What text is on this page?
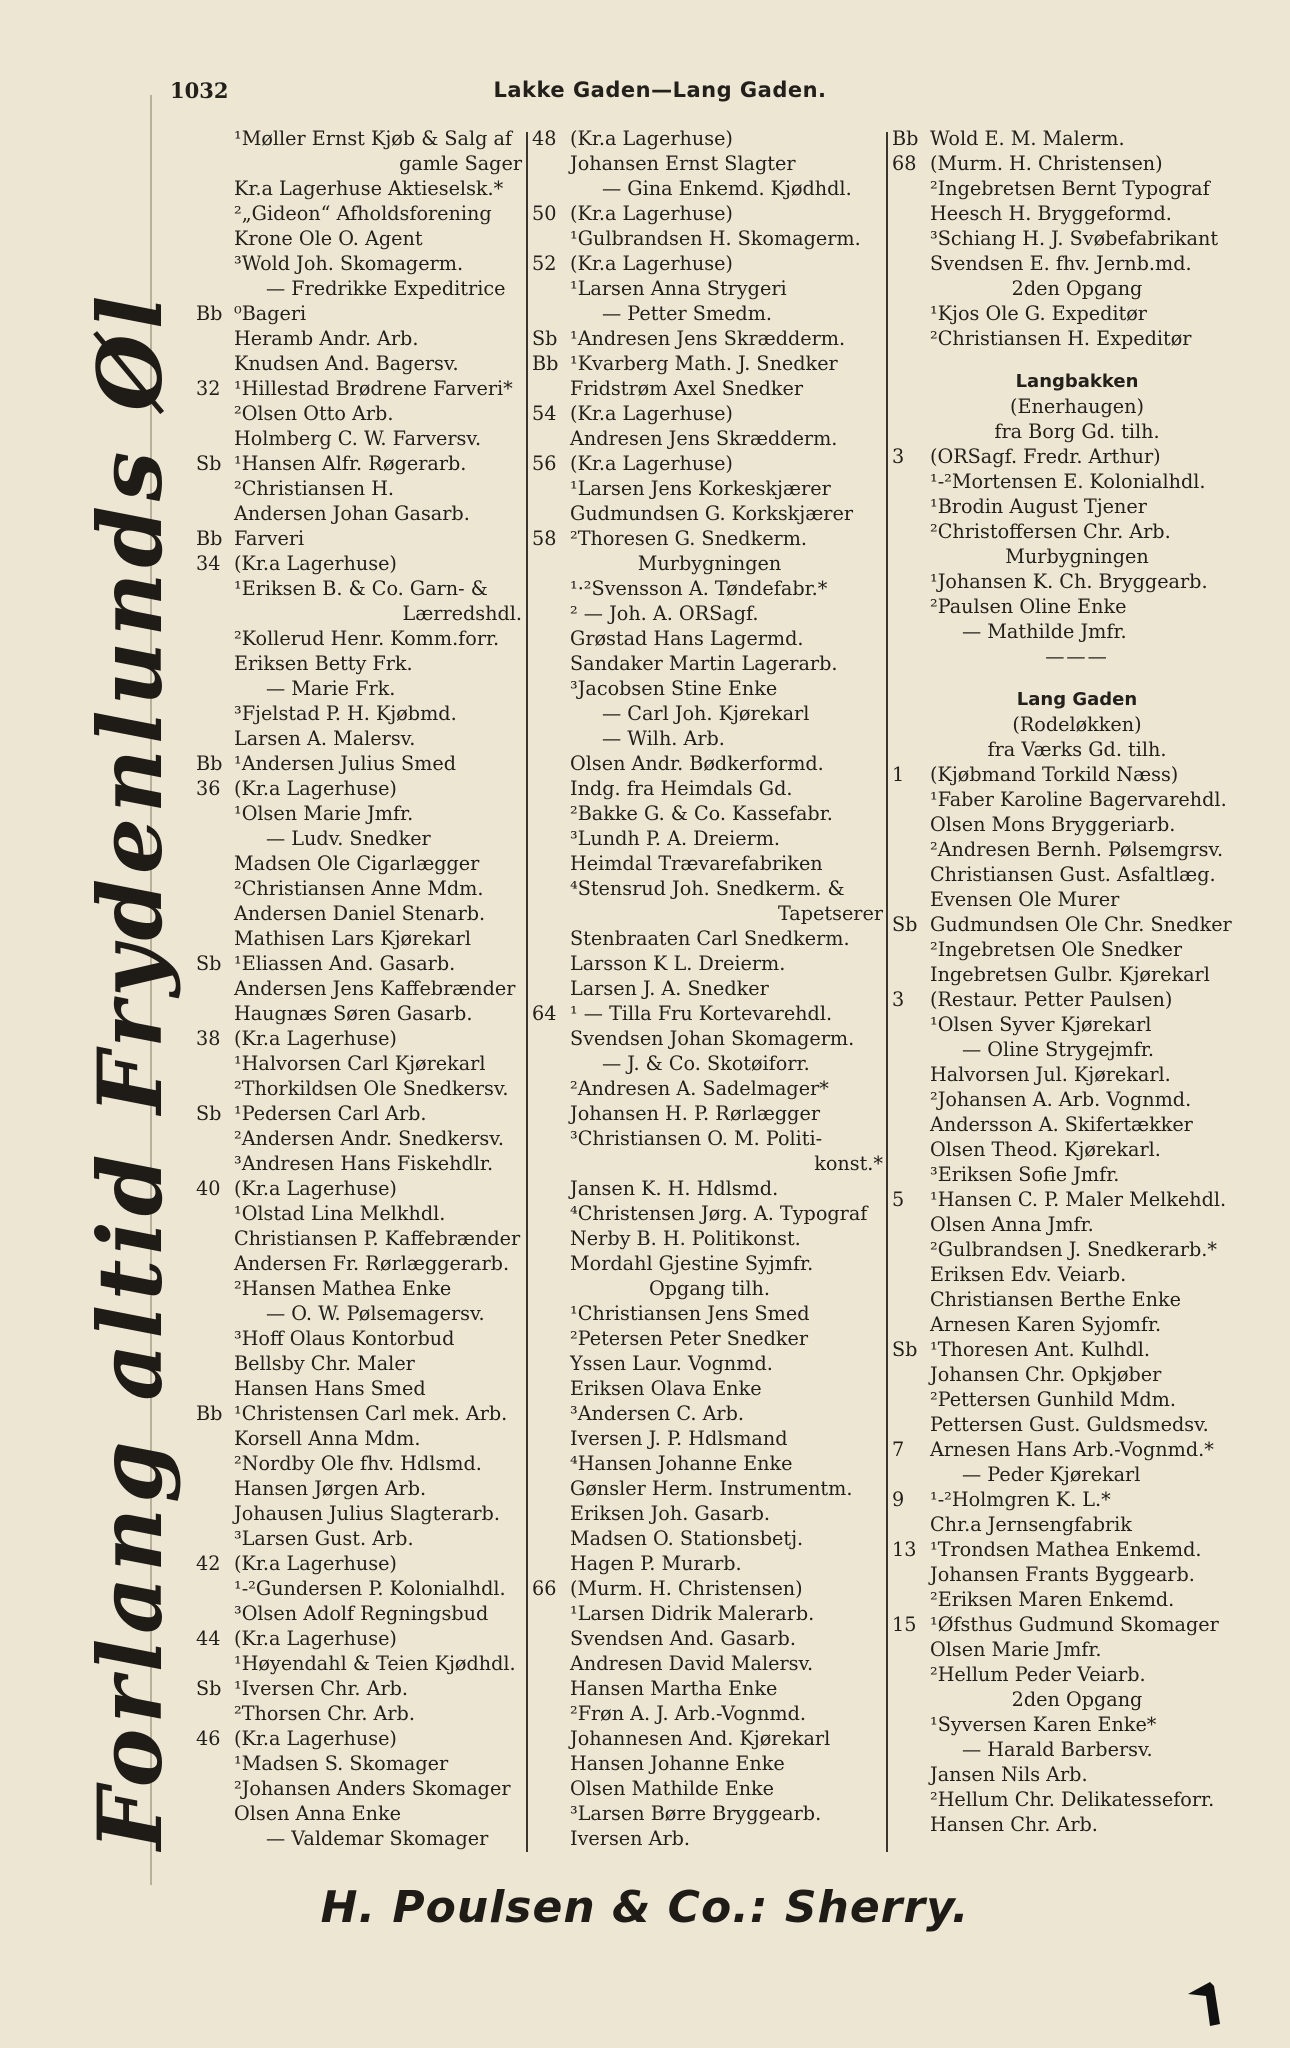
1032	Lakke Gaden—Lang Gaden.
Forlang altid Frydenlunds Øl
¹Møller Ernst Kjøb & Salg af
gamle Sager
Kr.a Lagerhuse Aktieselsk.*
²„Gideon“ Afholdsforening
Krone Ole O. Agent
³Wold Joh. Skomagerm.
— Fredrikke Expeditrice
Bb ⁰Bageri
Heramb Andr. Arb.
Knudsen And. Bagersv.
32 ¹Hillestad Brødrene Farveri*
²Olsen Otto Arb.
Holmberg C. W. Farversv.
Sb ¹Hansen Alfr. Røgerarb.
²Christiansen H.
Andersen Johan Gasarb.
Bb Farveri
34 (Kr.a Lagerhuse)
¹Eriksen B. & Co. Garn- &
Lærredshdl.
²Kollerud Henr. Komm.forr.
Eriksen Betty Frk.
— Marie Frk.
³Fjelstad P. H. Kjøbmd.
Larsen A. Malersv.
Bb ¹Andersen Julius Smed
36 (Kr.a Lagerhuse)
¹Olsen Marie Jmfr.
— Ludv. Snedker
Madsen Ole Cigarlægger
²Christiansen Anne Mdm.
Andersen Daniel Stenarb.
Mathisen Lars Kjørekarl
Sb ¹Eliassen And. Gasarb.
Andersen Jens Kaffebrænder
Haugnæs Søren Gasarb.
38 (Kr.a Lagerhuse)
¹Halvorsen Carl Kjørekarl
²Thorkildsen Ole Snedkersv.
Sb ¹Pedersen Carl Arb.
²Andersen Andr. Snedkersv.
³Andresen Hans Fiskehdlr.
40 (Kr.a Lagerhuse)
¹Olstad Lina Melkhdl.
Christiansen P. Kaffebrænder
Andersen Fr. Rørlæggerarb.
²Hansen Mathea Enke
— O. W. Pølsemagersv.
³Hoff Olaus Kontorbud
Bellsby Chr. Maler
Hansen Hans Smed
Bb ¹Christensen Carl mek. Arb.
Korsell Anna Mdm.
²Nordby Ole fhv. Hdlsmd.
Hansen Jørgen Arb.
Johausen Julius Slagterarb.
³Larsen Gust. Arb.
42 (Kr.a Lagerhuse)
¹-²Gundersen P. Kolonialhdl.
³Olsen Adolf Regningsbud
44 (Kr.a Lagerhuse)
¹Høyendahl & Teien Kjødhdl.
Sb ¹Iversen Chr. Arb.
²Thorsen Chr. Arb.
46 (Kr.a Lagerhuse)
¹Madsen S. Skomager
²Johansen Anders Skomager
Olsen Anna Enke
— Valdemar Skomager
48 (Kr.a Lagerhuse)
Johansen Ernst Slagter
— Gina Enkemd. Kjødhdl.
50 (Kr.a Lagerhuse)
¹Gulbrandsen H. Skomagerm.
52 (Kr.a Lagerhuse)
¹Larsen Anna Strygeri
— Petter Smedm.
Sb ¹Andresen Jens Skrædderm.
Bb ¹Kvarberg Math. J. Snedker
Fridstrøm Axel Snedker
54 (Kr.a Lagerhuse)
Andresen Jens Skrædderm.
56 (Kr.a Lagerhuse)
¹Larsen Jens Korkeskjærer
Gudmundsen G. Korkskjærer
58 ²Thoresen G. Snedkerm.
Murbygningen
¹·²Svensson A. Tøndefabr.*
² — Joh. A. ORSagf.
Grøstad Hans Lagermd.
Sandaker Martin Lagerarb.
³Jacobsen Stine Enke
— Carl Joh. Kjørekarl
— Wilh. Arb.
Olsen Andr. Bødkerformd.
Indg. fra Heimdals Gd.
²Bakke G. & Co. Kassefabr.
³Lundh P. A. Dreierm.
Heimdal Trævarefabriken
⁴Stensrud Joh. Snedkerm. &
Tapetserer
Stenbraaten Carl Snedkerm.
Larsson K L. Dreierm.
Larsen J. A. Snedker
64 ¹ — Tilla Fru Kortevarehdl.
Svendsen Johan Skomagerm.
— J. & Co. Skotøiforr.
²Andresen A. Sadelmager*
Johansen H. P. Rørlægger
³Christiansen O. M. Politi-
konst.*
Jansen K. H. Hdlsmd.
⁴Christensen Jørg. A. Typograf
Nerby B. H. Politikonst.
Mordahl Gjestine Syjmfr.
Opgang tilh.
¹Christiansen Jens Smed
²Petersen Peter Snedker
Yssen Laur. Vognmd.
Eriksen Olava Enke
³Andersen C. Arb.
Iversen J. P. Hdlsmand
⁴Hansen Johanne Enke
Gønsler Herm. Instrumentm.
Eriksen Joh. Gasarb.
Madsen O. Stationsbetj.
Hagen P. Murarb.
66 (Murm. H. Christensen)
¹Larsen Didrik Malerarb.
Svendsen And. Gasarb.
Andresen David Malersv.
Hansen Martha Enke
²Frøn A. J. Arb.-Vognmd.
Johannesen And. Kjørekarl
Hansen Johanne Enke
Olsen Mathilde Enke
³Larsen Børre Bryggearb.
Iversen Arb.
Bb Wold E. M. Malerm.
68 (Murm. H. Christensen)
²Ingebretsen Bernt Typograf
Heesch H. Bryggeformd.
³Schiang H. J. Svøbefabrikant
Svendsen E. fhv. Jernb.md.
2den Opgang
¹Kjos Ole G. Expeditør
²Christiansen H. Expeditør
Langbakken
(Enerhaugen)
fra Borg Gd. tilh.
3 (ORSagf. Fredr. Arthur)
¹-²Mortensen E. Kolonialhdl.
¹Brodin August Tjener
²Christoffersen Chr. Arb.
Murbygningen
¹Johansen K. Ch. Bryggearb.
²Paulsen Oline Enke
— Mathilde Jmfr.
———
Lang Gaden
(Rodeløkken)
fra Værks Gd. tilh.
1 (Kjøbmand Torkild Næss)
¹Faber Karoline Bagervarehdl.
Olsen Mons Bryggeriarb.
²Andresen Bernh. Pølsemgrsv.
Christiansen Gust. Asfaltlæg.
Evensen Ole Murer
Sb Gudmundsen Ole Chr. Snedker
²Ingebretsen Ole Snedker
Ingebretsen Gulbr. Kjørekarl
3 (Restaur. Petter Paulsen)
¹Olsen Syver Kjørekarl
— Oline Strygejmfr.
Halvorsen Jul. Kjørekarl.
²Johansen A. Arb. Vognmd.
Andersson A. Skifertækker
Olsen Theod. Kjørekarl.
³Eriksen Sofie Jmfr.
5 ¹Hansen C. P. Maler Melkehdl.
Olsen Anna Jmfr.
²Gulbrandsen J. Snedkerarb.*
Eriksen Edv. Veiarb.
Christiansen Berthe Enke
Arnesen Karen Syjomfr.
Sb ¹Thoresen Ant. Kulhdl.
Johansen Chr. Opkjøber
²Pettersen Gunhild Mdm.
Pettersen Gust. Guldsmedsv.
7 Arnesen Hans Arb.-Vognmd.*
— Peder Kjørekarl
9 ¹-²Holmgren K. L.*
Chr.a Jernsengfabrik
13 ¹Trondsen Mathea Enkemd.
Johansen Frants Byggearb.
²Eriksen Maren Enkemd.
15 ¹Øfsthus Gudmund Skomager
Olsen Marie Jmfr.
²Hellum Peder Veiarb.
2den Opgang
¹Syversen Karen Enke*
— Harald Barbersv.
Jansen Nils Arb.
²Hellum Chr. Delikatesseforr.
Hansen Chr. Arb.
H. Poulsen & Co.: Sherry.
